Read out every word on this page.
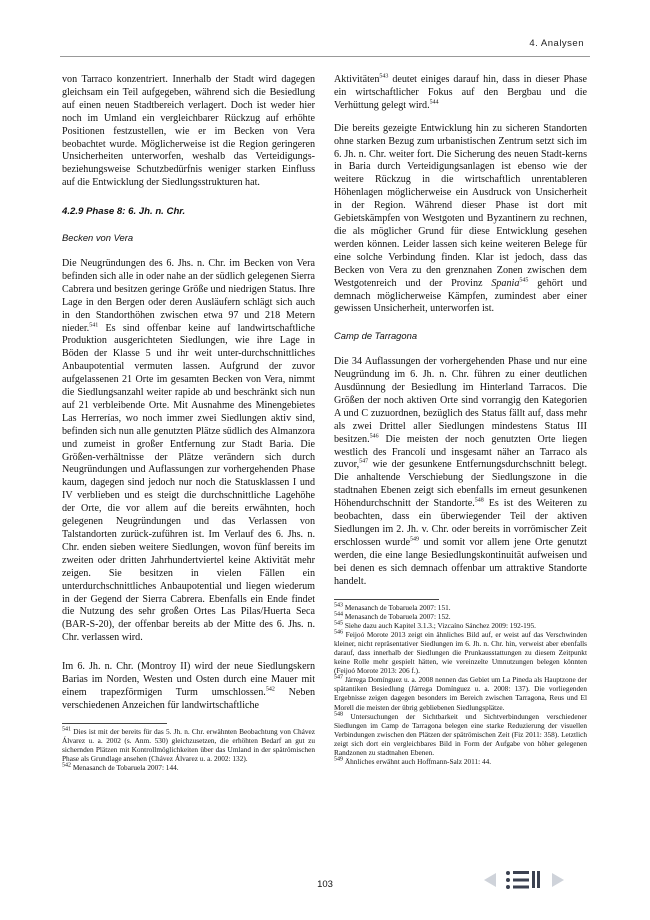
4. Analysen

von Tarraco konzentriert. Innerhalb der Stadt wird dagegen gleichsam ein Teil aufgegeben, während sich die Besiedlung auf einen neuen Stadtbereich verlagert. Doch ist weder hier noch im Umland ein vergleichbarer Rückzug auf erhöhte Positionen festzustellen, wie er im Becken von Vera beobachtet wurde. Möglicherweise ist die Region geringeren Unsicherheiten unterworfen, weshalb das Verteidigungs- beziehungsweise Schutzbedürfnis weniger starken Einfluss auf die Entwicklung der Siedlungsstrukturen hat.

4.2.9 Phase 8: 6. Jh. n. Chr.
Becken von Vera

Die Neugründungen des 6. Jhs. n. Chr. im Becken von Vera befinden sich alle in oder nahe an der südlich gelegenen Sierra Cabrera und besitzen geringe Größe und niedrigen Status. Ihre Lage in den Bergen oder deren Ausläufern schlägt sich auch in den Standorthöhen zwischen etwa 97 und 218 Metern nieder.$^{541}$ Es sind offenbar keine auf landwirtschaftliche Produktion ausgerichteten Siedlungen, wie ihre Lage in Böden der Klasse 5 und ihr weit unter-durchschnittliches Anbaupotential vermuten lassen. Aufgrund der zuvor aufgelassenen 21 Orte im gesamten Becken von Vera, nimmt die Siedlungsanzahl weiter rapide ab und beschränkt sich nun auf 21 verbleibende Orte. Mit Ausnahme des Minengebietes Las Herrerías, wo noch immer zwei Siedlungen aktiv sind, befinden sich nun alle genutzten Plätze südlich des Almanzora und zumeist in großer Entfernung zur Stadt Baria. Die Größen-verhältnisse der Plätze verändern sich durch Neugründungen und Auflassungen zur vorhergehenden Phase kaum, dagegen sind jedoch nur noch die Statusklassen I und IV verblieben und es steigt die durchschnittliche Lagehöhe der Orte, die vor allem auf die bereits erwähnten, hoch gelegenen Neugründungen und das Verlassen von Talstandorten zurück-zuführen ist. Im Verlauf des 6. Jhs. n. Chr. enden sieben weitere Siedlungen, wovon fünf bereits im zweiten oder dritten Jahrhundertviertel keine Aktivität mehr zeigen. Sie besitzen in vielen Fällen ein unterdurchschnittliches Anbaupotential und liegen wiederum in der Gegend der Sierra Cabrera. Ebenfalls ein Ende findet die Nutzung des sehr großen Ortes Las Pilas/Huerta Seca (BAR-S-20), der offenbar bereits ab der Mitte des 6. Jhs. n. Chr. verlassen wird.

Im 6. Jh. n. Chr. (Montroy II) wird der neue Siedlungskern Barias im Norden, Westen und Osten durch eine Mauer mit einem trapezförmigen Turm umschlossen.$^{542}$ Neben verschiedenen Anzeichen für landwirtschaftliche

$^{541}$ Dies ist mit der bereits für das 5. Jh. n. Chr. erwähnten Beobachtung von Chávez Álvarez u. a. 2002 (s. Anm. 530) gleichzusetzen, die erhöhten Bedarf an gut zu sichernden Plätzen mit Kontrollmöglichkeiten über das Umland in der spätrömischen Phase als Grundlage ansehen (Chávez Álvarez u. a. 2002: 132).

$^{542}$ Menasanch de Tobaruela 2007: 144.

Aktivitäten$^{543}$ deutet einiges darauf hin, dass in dieser Phase ein wirtschaftlicher Fokus auf den Bergbau und die Verhüttung gelegt wird.$^{544}$

Die bereits gezeigte Entwicklung hin zu sicheren Standorten ohne starken Bezug zum urbanistischen Zentrum setzt sich im 6. Jh. n. Chr. weiter fort. Die Sicherung des neuen Stadt-kerns in Baria durch Verteidigungsanlagen ist ebenso wie der weitere Rückzug in die wirtschaftlich unrentableren Höhenlagen möglicherweise ein Ausdruck von Unsicherheit in der Region. Während dieser Phase ist dort mit Gebietskämpfen von Westgoten und Byzantinern zu rechnen, die als möglicher Grund für diese Entwicklung gesehen werden können. Leider lassen sich keine weiteren Belege für eine solche Verbindung finden. Klar ist jedoch, dass das Becken von Vera zu den grenznahen Zonen zwischen dem Westgotenreich und der Provinz Spania$^{545}$ gehört und demnach möglicherweise Kämpfen, zumindest aber einer gewissen Unsicherheit, unterworfen ist.

Camp de Tarragona

Die 34 Auflassungen der vorhergehenden Phase und nur eine Neugründung im 6. Jh. n. Chr. führen zu einer deutlichen Ausdünnung der Besiedlung im Hinterland Tarracos. Die Größen der noch aktiven Orte sind vorrangig den Kategorien A und C zuzuordnen, bezüglich des Status fällt auf, dass mehr als zwei Drittel aller Siedlungen mindestens Status III besitzen.$^{546}$ Die meisten der noch genutzten Orte liegen westlich des Francolí und insgesamt näher an Tarraco als zuvor,$^{547}$ wie der gesunkene Entfernungsdurchschnitt belegt. Die anhaltende Verschiebung der Siedlungszone in die stadtnahen Ebenen zeigt sich ebenfalls im erneut gesunkenen Höhendurchschnitt der Standorte.$^{548}$ Es ist des Weiteren zu beobachten, dass ein überwiegender Teil der aktiven Siedlungen im 2. Jh. v. Chr. oder bereits in vorrömischer Zeit erschlossen wurde$^{549}$ und somit vor allem jene Orte genutzt werden, die eine lange Besiedlungskontinuität aufweisen und bei denen es sich demnach offenbar um attraktive Standorte handelt.

$^{543}$ Menasanch de Tobaruela 2007: 151.

$^{544}$ Menasanch de Tobaruela 2007: 152.

$^{545}$ Siehe dazu auch Kapitel 3.1.3.; Vizcaíno Sánchez 2009: 192-195.

$^{546}$ Feijoó Morote 2013 zeigt ein ähnliches Bild auf, er weist auf das Verschwinden kleiner, nicht repräsentativer Siedlungen im 6. Jh. n. Chr. hin, verweist aber ebenfalls darauf, dass innerhalb der Siedlungen die Prunkausstattungen zu diesem Zeitpunkt keine Rolle mehr gespielt hätten, wie vereinzelte Umnutzungen belegen könnten (Feijoó Morote 2013: 206 f.).

$^{547}$ Járrega Domínguez u. a. 2008 nennen das Gebiet um La Pineda als Hauptzone der spätantiken Besiedlung (Járrega Domínguez u. a. 2008: 137). Die vorliegenden Ergebnisse zeigen dagegen besonders im Bereich zwischen Tarragona, Reus und El Morell die meisten der übrig gebliebenen Siedlungsplätze.

$^{548}$ Untersuchungen der Sichtbarkeit und Sichtverbindungen verschiedener Siedlungen im Camp de Tarragona belegen eine starke Reduzierung der visuellen Verbindungen zwischen den Plätzen der spätrömischen Zeit (Fiz 2011: 358). Letztlich zeigt sich dort ein vergleichbares Bild in Form der Aufgabe von höher gelegenen Randzonen zu stadtnahen Ebenen.

$^{549}$ Ähnliches erwähnt auch Hoffmann-Salz 2011: 44.

103
